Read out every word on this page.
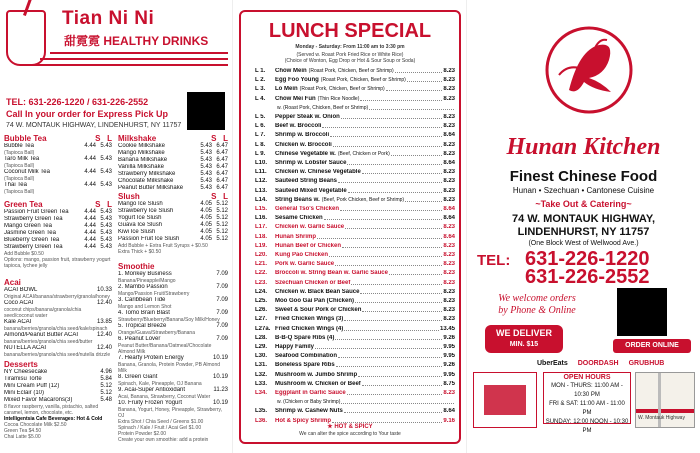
Tian Ni Ni
甜霓霓 HEALTHY DRINKS
TEL: 631-226-1220 / 631-226-2552
Call In your order for Express Pick Up
74 W. MONTAUK HIGHWAY, LINDENHURST, NY 11757
Bubble Tea	S L
Bubble Tea	4.44 5.43
(Tapioca Ball)
Taro Milk Tea	4.44 5.43
(Tapioca Ball)
Coconut Milk Tea	4.44 5.43
(Tapioca Ball)
Thai Tea	4.44 5.43
(Tapioca Ball)
Green Tea	S L
Passion Fruit Green Tea	4.44 5.43
Strawberry Green Tea	4.44 5.43
Mango Green Tea	4.44 5.43
Jasmine Green Tea	4.44 5.43
Blueberry Green Tea	4.44 5.43
Strawberry Green Tea	4.44 5.43
Add Bubble $0.50
Options: mango, passion fruit, strawberry yogurt tapioca, lychee jelly
Acai
ACAI BOWL	10.33
Original ACAI/banana/strawberry/granola/honey
Coco ACAI	12.40
coconut chips/banana/granola/chia seed/coconut water
Kale ACAI	13.85
banana/berries/granola/chia seed/kale/spinach
Almond/Peanut Butter ACAI	12.40
banana/berries/granola/chia seed/butter
NUTELLA ACAI	12.40
banana/berries/granola/chia seed/nutella drizzle
Desserts
NY Cheesecake	4.96
Tiramisu Torte	5.84
Mini Cream Puff (12)	5.12
Mini Eclair (10)	5.12
Mixed Favor Macarons(3)	5.48
8 flavor raspberry, vanilla, pistachio, salted caramel, lemon, chocolate, etc.
Intelligentsia Cafe Beverages: Hot & Cold
Cocoa Chocolate Milk $2.50
Green Tea $4.50
Chai Latte $5.00
Milkshake	S L
Cookie Milkshake	5.43 6.47
Mango Milkshake	5.43 6.47
Banana Milkshake	5.43 6.47
Vanilla Milkshake	5.43 6.47
Strawberry Milkshake	5.43 6.47
Chocolate Milkshake	5.43 6.47
Peanut Butter Milkshake	5.43 6.47
Slush	S L
Mango Ice Slush	4.05 5.12
Strawberry Ice Slush	4.05 5.12
Yogurt Ice Slush	4.05 5.12
Guava Ice Slush	4.05 5.12
Kiwi Ice Slush	4.05 5.12
Passion Fruit Ice Slush	4.05 5.12
Add Bubble + Extra Fruit Syrups + $0.50
Extra Thick + $0.50
Smoothie
1. Monkey Business	7.09
Banana/Pineapple/Mango
2. Mambo Passion	7.09
Mango/Passion Fruit/Strawberry
3. Caribbean Tide	7.09
Mango and Lemon Shot
4. Tomo Brain Blast	7.09
Strawberry/Blueberry/Banana/Soy Milk/Honey
5. Tropical Breeze	7.09
Orange/Guava/Strawberry/Banana
6. Peanut Lover	7.09
Peanut Butter/Banana/Oatmeal/Chocolate Almond Milk
7. Hearty Protein Energy	10.19
Banana, Granola, Protein Powder, PB Almond Milk
8. Green Giant	10.19
Spinach, Kale, Pineapple, OJ Banana
9. Acai-Super Antioxidant	11.23
Acai, Banana, Strawberry, Coconut Water
10. Fruity Frozen Yogurt	10.19
Banana, Yogurt, Honey, Pineapple, Strawberry, OJ
Extra Shot / Chia Seed / Greens $1.00
Spinach / Kale / Fruit / Acai Gel $1.00
Protein Powder $2.00
Create your own smoothie: add a protein
LUNCH SPECIAL
Monday - Saturday: From 11:00 am to 3:30 pm
(Served w. Roast Pork Fried Rice or White Rice)
(Choice of Wonton, Egg Drop or Hot & Sour Soup or Soda)
L 1.	Chow Mein (Roast Pork, Chicken, Beef or Shrimp)	8.23
L 2.	Egg Foo Young (Roast Pork, Chicken, Beef or Shrimp)	8.23
L 3.	Lo Mein (Roast Pork, Chicken, Beef or Shrimp)	8.23
L 4.	Chow Mei Fun (Thin Rice Noodle)	8.23
w. (Roast Pork, Chicken, Beef or Shrimp)
L 5.	Pepper Steak w. Onion	8.23
L 6.	Beef w. Broccoli	8.23
L 7.	Shrimp w. Broccoli	8.64
L 8.	Chicken w. Broccoli	8.23
L 9.	Chinese Vegetable w. (Beef, Chicken or Pork)	8.23
L10.	Shrimp w. Lobster Sauce	8.64
L11.	Chicken w. Chinese Vegetable	8.23
L12.	Sauteed String Beans	8.23
L13.	Sauteed Mixed Vegetable	8.23
L14.	String Beans w. (Beef, Pork Chicken, Beef or Shrimp)	8.23
L15.	General Tso's Chicken	8.64
L16.	Sesame Chicken	8.64
L17.	Chicken w. Garlic Sauce	8.23
L18.	Hunan Shrimp	8.64
L19.	Hunan Beef or Chicken	8.23
L20.	Kung Pao Chicken	8.23
L21.	Pork w. Garlic Sauce	8.23
L22.	Broccoli w. String Bean w. Garlic Sauce	8.23
L23.	Szechuan Chicken or Beef	8.23
L24.	Chicken w. Black Bean Sauce	8.23
L25.	Moo Goo Gai Pan (Chicken)	8.23
L26.	Sweet & Sour Pork or Chicken	8.23
L27.	Fried Chicken Wings (3)	8.23
L27a. Fried Chicken Wings (4)	13.45
L28.	B-B-Q Spare Ribs (4)	9.26
L29.	Happy Family	9.95
L30.	Seafood Combination	9.95
L31.	Boneless Spare Ribs	9.26
L32.	Mushroom w. Jumbo Shrimp	9.95
L33.	Mushroom w. Chicken or Beef	8.75
L34.	Eggplant in Garlic Sauce	8.23
w. (Chicken or Baby Shrimp)
L35.	Shrimp w. Cashew Nuts	8.64
L36.	Hot & Spicy Shrimp	9.16
★ HOT & SPICY
We can alter the spice according to Your taste
Hunan Kitchen
Finest Chinese Food
Hunan • Szechuan • Cantonese Cuisine
~Take Out & Catering~
74 W. MONTAUK HIGHWAY,
LINDENHURST, NY 11757
(One Block West of Wellwood Ave.)
TEL: 631-226-1220
631-226-2552
We welcome orders
by Phone & Online
WE DELIVER
MIN. $15	ORDER ONLINE
UberEats DOORDASH GRUBHUB
OPEN HOURS
MON - THURS: 11:00 AM - 10:30 PM
FRI & SAT: 11:00 AM - 11:00 PM
SUNDAY: 12:00 NOON - 10:30 PM
W. Montauk Highway
